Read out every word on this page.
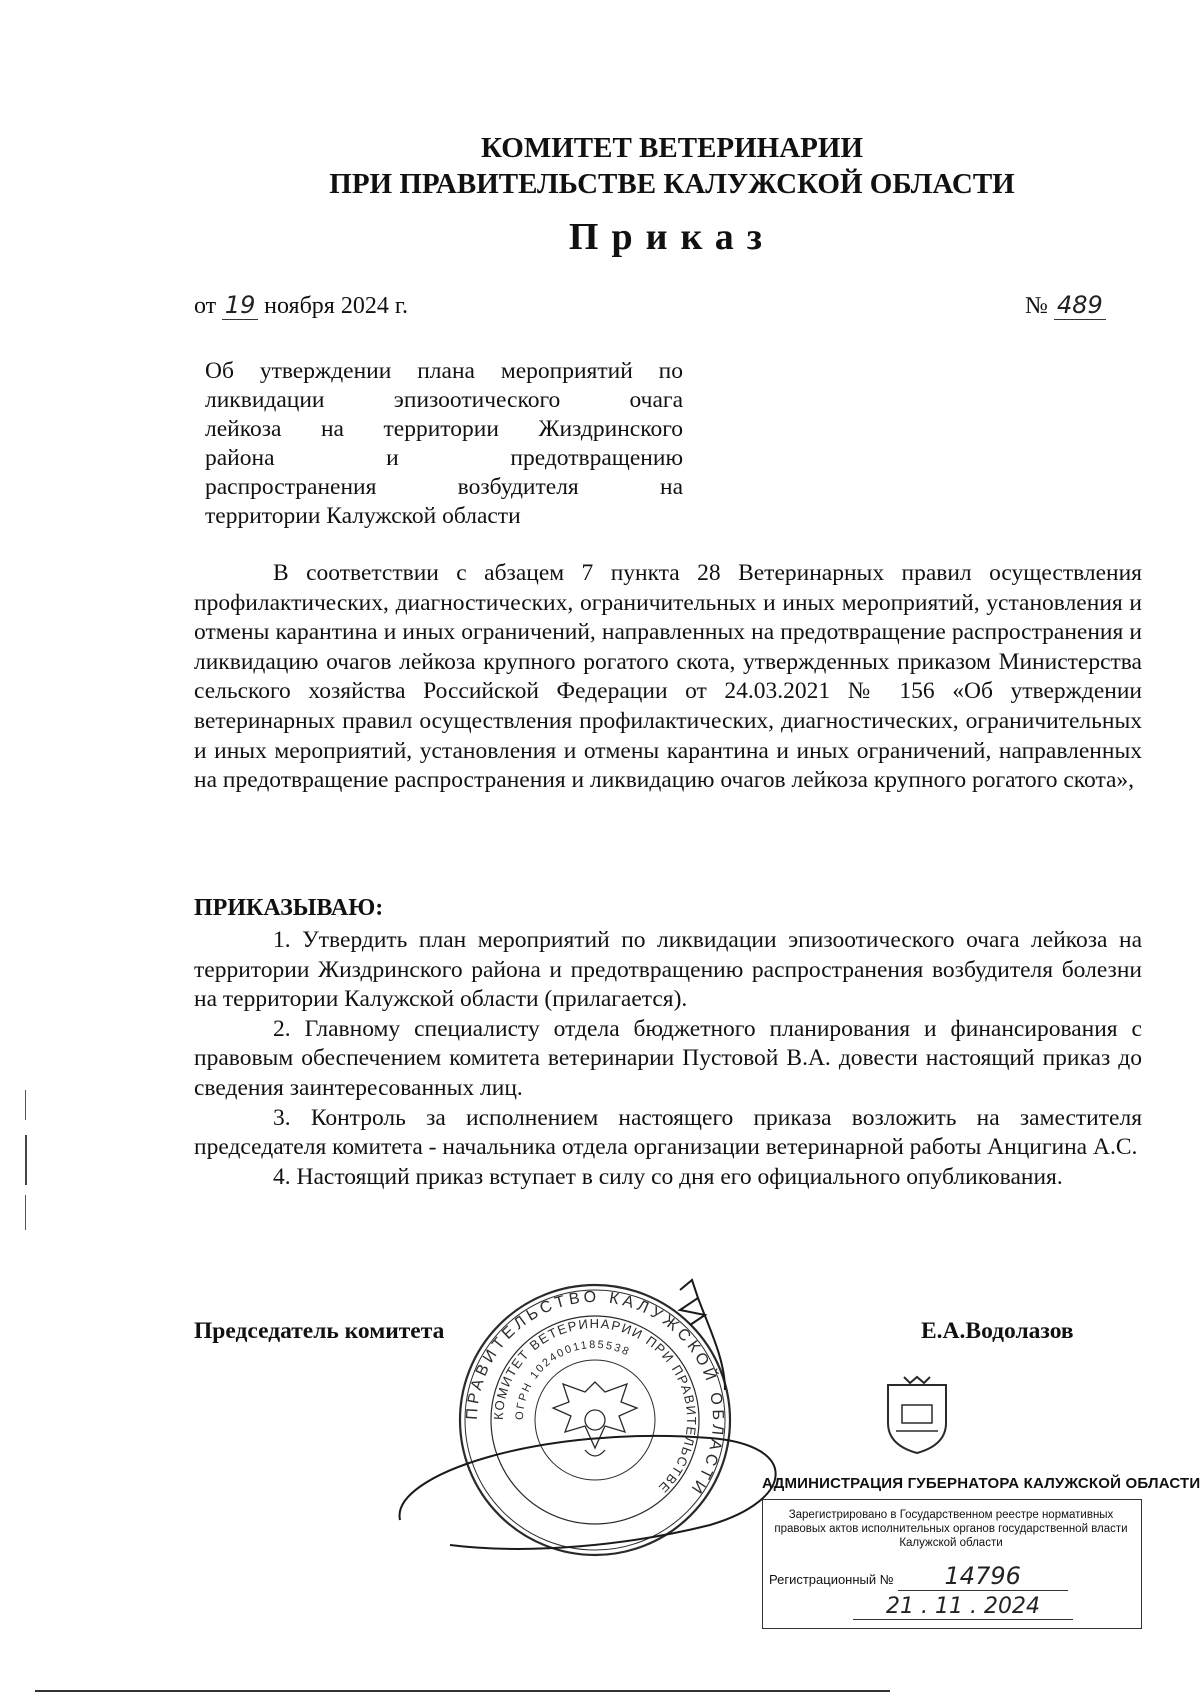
КОМИТЕТ ВЕТЕРИНАРИИ
ПРИ ПРАВИТЕЛЬСТВЕ КАЛУЖСКОЙ ОБЛАСТИ
Приказ
от 19 ноября 2024 г.	№ 489
Об утверждении плана мероприятий по
ликвидации эпизоотического очага
лейкоза на территории Жиздринского
района и предотвращению
распространения возбудителя на
территории Калужской области

В соответствии с абзацем 7 пункта 28 Ветеринарных правил осуществления профилактических, диагностических, ограничительных и иных мероприятий, установления и отмены карантина и иных ограничений, направленных на предотвращение распространения и ликвидацию очагов лейкоза крупного рогатого скота, утвержденных приказом Министерства сельского хозяйства Российской Федерации от 24.03.2021 № 156 «Об утверждении ветеринарных правил осуществления профилактических, диагностических, ограничительных и иных мероприятий, установления и отмены карантина и иных ограничений, направленных на предотвращение распространения и ликвидацию очагов лейкоза крупного рогатого скота»,

ПРИКАЗЫВАЮ:

1. Утвердить план мероприятий по ликвидации эпизоотического очага лейкоза на территории Жиздринского района и предотвращению распространения возбудителя болезни на территории Калужской области (прилагается).

2. Главному специалисту отдела бюджетного планирования и финансирования с правовым обеспечением комитета ветеринарии Пустовой В.А. довести настоящий приказ до сведения заинтересованных лиц.

3. Контроль за исполнением настоящего приказа возложить на заместителя председателя комитета - начальника отдела организации ветеринарной работы Анцигина А.С.

4. Настоящий приказ вступает в силу со дня его официального опубликования.

Председатель комитета	Е.А.Водолазов
ПРАВИТЕЛЬСТВО КАЛУЖСКОЙ ОБЛАСТИ
КОМИТЕТ ВЕТЕРИНАРИИ ПРИ ПРАВИТЕЛЬСТВЕ
ОГРН 1024001185538
АДМИНИСТРАЦИЯ ГУБЕРНАТОРА КАЛУЖСКОЙ ОБЛАСТИ
Зарегистрировано в Государственном реестре нормативных правовых актов исполнительных органов государственной власти Калужской области
Регистрационный № 14796
21 . 11 . 2024
